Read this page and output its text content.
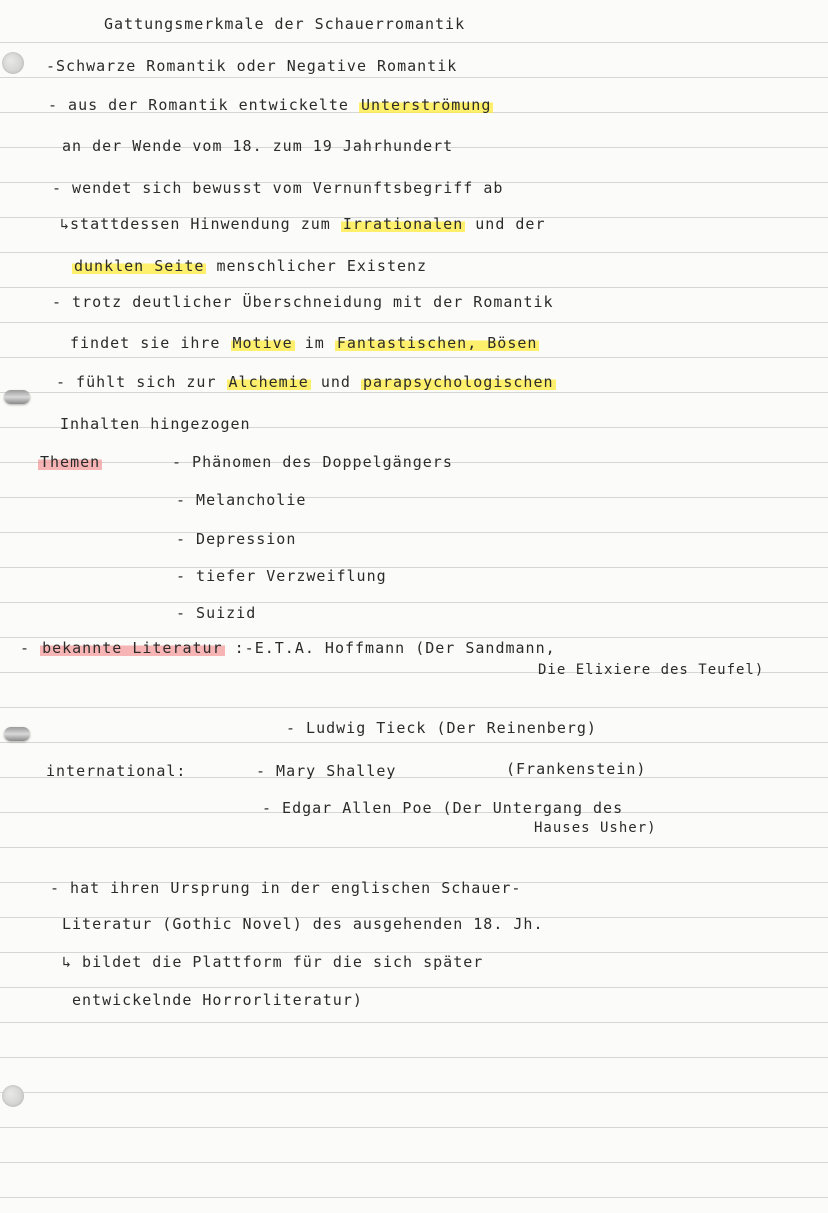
Gattungsmerkmale der Schauerromantik
-Schwarze Romantik oder Negative Romantik
- aus der Romantik entwickelte Unterströmung
an der Wende vom 18. zum 19 Jahrhundert
- wendet sich bewusst vom Vernunftsbegriff ab
↳stattdessen Hinwendung zum Irrationalen und der
dunklen Seite menschlicher Existenz
- trotz deutlicher Überschneidung mit der Romantik
findet sie ihre Motive im Fantastischen, Bösen
- fühlt sich zur Alchemie und parapsychologischen
Inhalten hingezogen
Themen	- Phänomen des Doppelgängers
- Melancholie
- Depression
- tiefer Verzweiflung
- Suizid
- bekannte Literatur :-E.T.A. Hoffmann (Der Sandmann,
Die Elixiere des Teufel)
- Ludwig Tieck (Der Reinenberg)
international:	- Mary Shalley	(Frankenstein)
- Edgar Allen Poe (Der Untergang des
Hauses Usher)
- hat ihren Ursprung in der englischen Schauer-
Literatur (Gothic Novel) des ausgehenden 18. Jh.
↳ bildet die Plattform für die sich später
entwickelnde Horrorliteratur)
